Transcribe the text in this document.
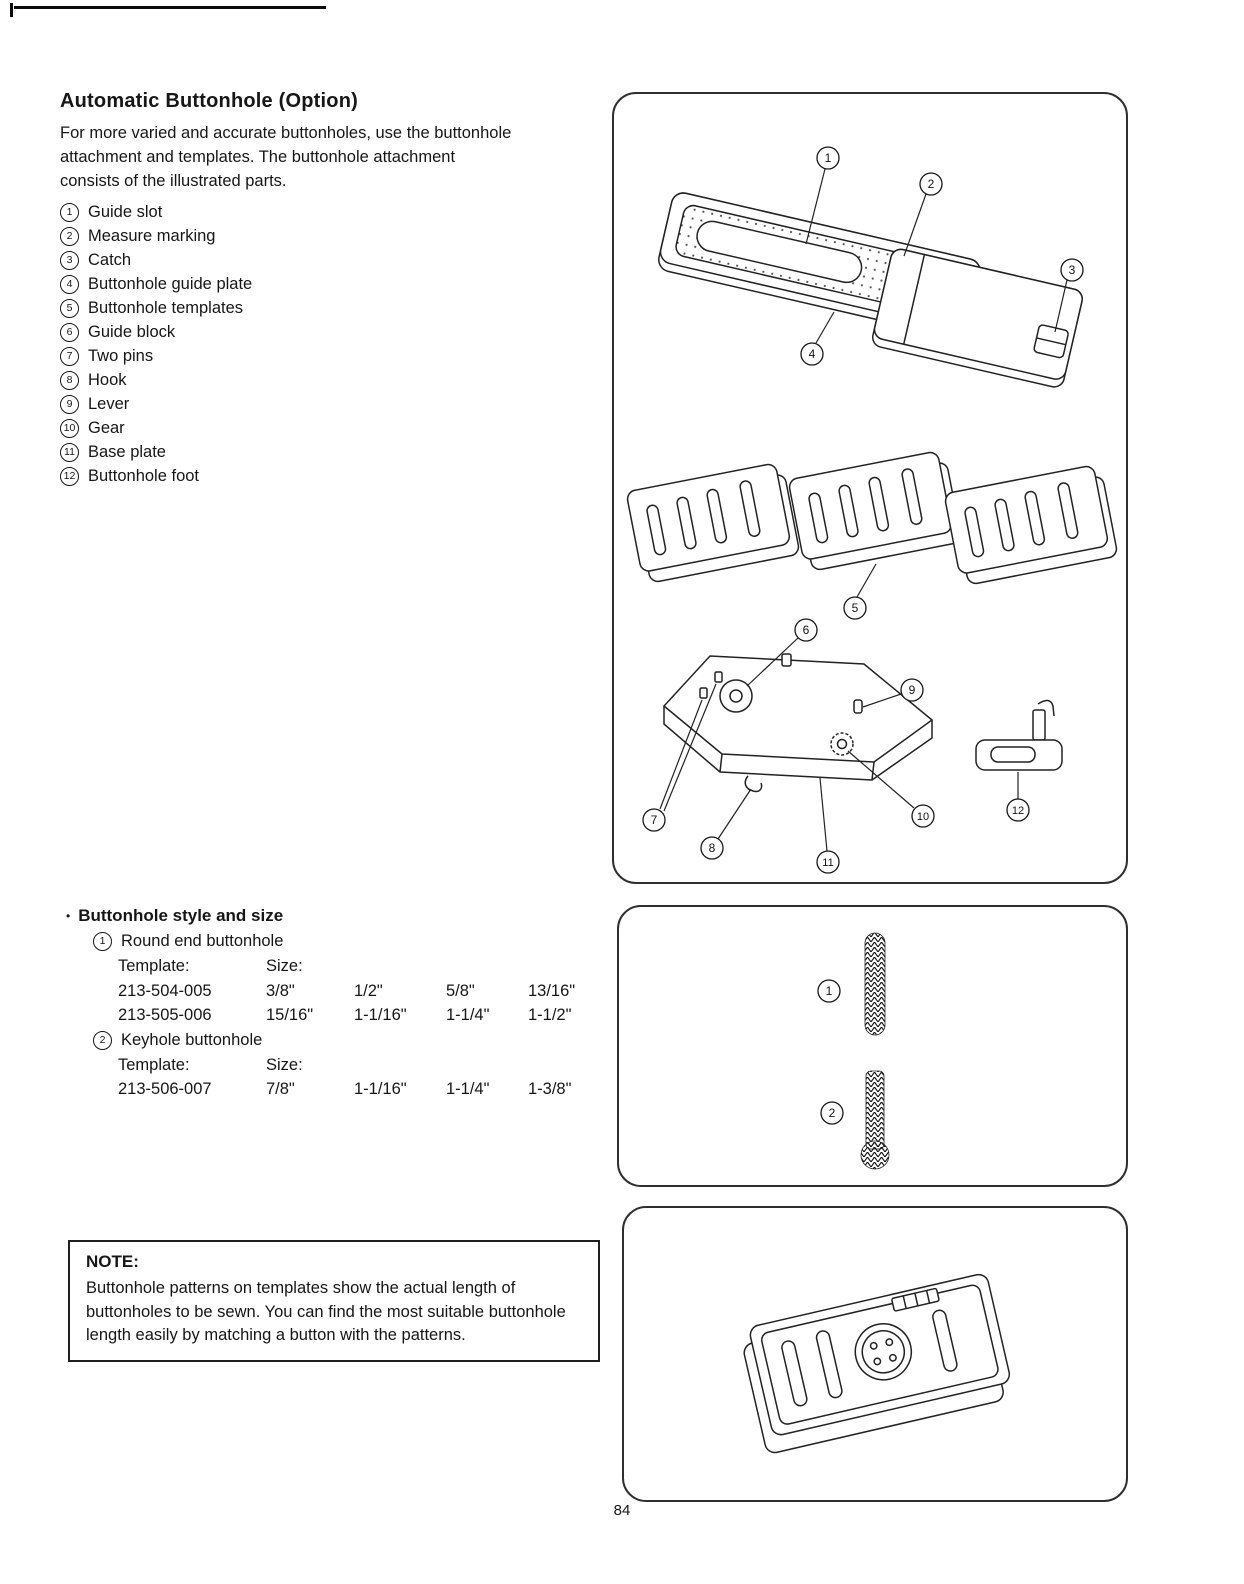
Automatic Buttonhole (Option)

For more varied and accurate buttonholes, use the buttonhole attachment and templates. The buttonhole attachment consists of the illustrated parts.

1 Guide slot
2 Measure marking
3 Catch
4 Buttonhole guide plate
5 Buttonhole templates
6 Guide block
7 Two pins
8 Hook
9 Lever
10 Gear
11 Base plate
12 Buttonhole foot
1
2
3
4
5
6
7
8
9
10
11
12
• Buttonhole style and size
1 Round end buttonhole
Template:	Size:
213-504-005	3/8"	1/2"	5/8"	13/16"
213-505-006	15/16"	1-1/16"	1-1/4"	1-1/2"
2 Keyhole buttonhole
Template:	Size:
213-506-007	7/8"	1-1/16"	1-1/4"	1-3/8"
1
2
NOTE:
Buttonhole patterns on templates show the actual length of buttonholes to be sewn. You can find the most suitable buttonhole length easily by matching a button with the patterns.
84
